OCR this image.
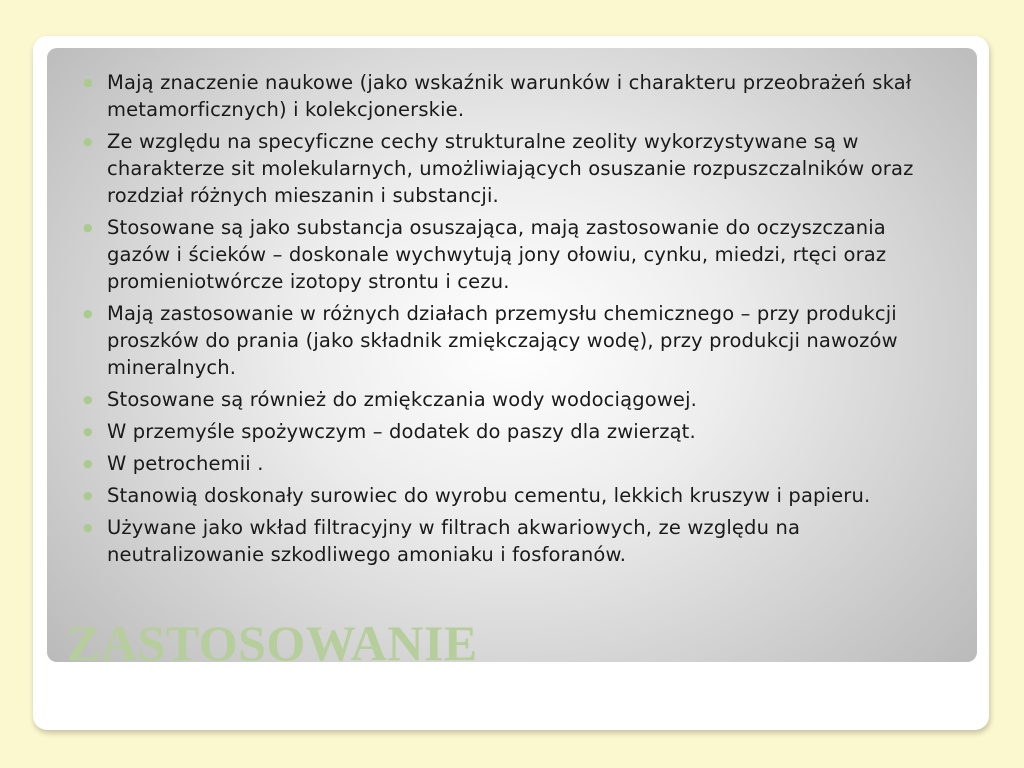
● Mają znaczenie naukowe (jako wskaźnik warunków i charakteru przeobrażeń skał metamorficznych) i kolekcjonerskie.
● Ze względu na specyficzne cechy strukturalne zeolity wykorzystywane są w charakterze sit molekularnych, umożliwiających osuszanie rozpuszczalników oraz rozdział różnych mieszanin i substancji.
● Stosowane są jako substancja osuszająca, mają zastosowanie do oczyszczania gazów i ścieków – doskonale wychwytują jony ołowiu, cynku, miedzi, rtęci oraz promieniotwórcze izotopy strontu i cezu.
● Mają zastosowanie w różnych działach przemysłu chemicznego – przy produkcji proszków do prania (jako składnik zmiękczający wodę), przy produkcji nawozów mineralnych.
● Stosowane są również do zmiękczania wody wodociągowej.
● W przemyśle spożywczym – dodatek do paszy dla zwierząt.
● W petrochemii .
● Stanowią doskonały surowiec do wyrobu cementu, lekkich kruszyw i papieru.
● Używane jako wkład filtracyjny w filtrach akwariowych, ze względu na neutralizowanie szkodliwego amoniaku i fosforanów.
ZASTOSOWANIE
